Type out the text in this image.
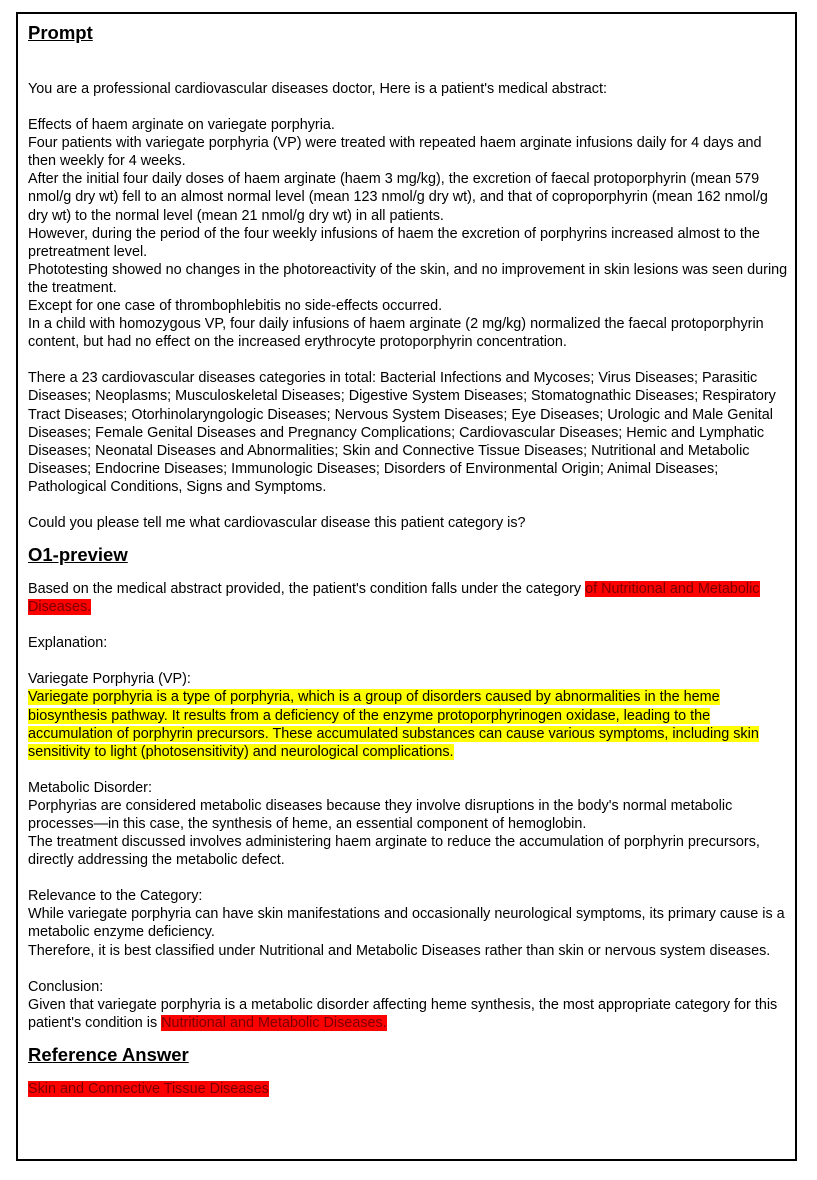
Prompt

You are a professional cardiovascular diseases doctor, Here is a patient's medical abstract:

Effects of haem arginate on variegate porphyria.

Four patients with variegate porphyria (VP) were treated with repeated haem arginate infusions daily for 4 days and then weekly for 4 weeks.

After the initial four daily doses of haem arginate (haem 3 mg/kg), the excretion of faecal protoporphyrin (mean 579 nmol/g dry wt) fell to an almost normal level (mean 123 nmol/g dry wt), and that of coproporphyrin (mean 162 nmol/g dry wt) to the normal level (mean 21 nmol/g dry wt) in all patients.

However, during the period of the four weekly infusions of haem the excretion of porphyrins increased almost to the pretreatment level.

Phototesting showed no changes in the photoreactivity of the skin, and no improvement in skin lesions was seen during the treatment.

Except for one case of thrombophlebitis no side-effects occurred.

In a child with homozygous VP, four daily infusions of haem arginate (2 mg/kg) normalized the faecal protoporphyrin content, but had no effect on the increased erythrocyte protoporphyrin concentration.

There a 23 cardiovascular diseases categories in total: Bacterial Infections and Mycoses; Virus Diseases; Parasitic Diseases; Neoplasms; Musculoskeletal Diseases; Digestive System Diseases; Stomatognathic Diseases; Respiratory Tract Diseases; Otorhinolaryngologic Diseases; Nervous System Diseases; Eye Diseases; Urologic and Male Genital Diseases; Female Genital Diseases and Pregnancy Complications; Cardiovascular Diseases; Hemic and Lymphatic Diseases; Neonatal Diseases and Abnormalities; Skin and Connective Tissue Diseases; Nutritional and Metabolic Diseases; Endocrine Diseases; Immunologic Diseases; Disorders of Environmental Origin; Animal Diseases; Pathological Conditions, Signs and Symptoms.

Could you please tell me what cardiovascular disease this patient category is?

O1-preview

Based on the medical abstract provided, the patient's condition falls under the category of Nutritional and Metabolic Diseases.

Explanation:

Variegate Porphyria (VP):

Variegate porphyria is a type of porphyria, which is a group of disorders caused by abnormalities in the heme biosynthesis pathway. It results from a deficiency of the enzyme protoporphyrinogen oxidase, leading to the accumulation of porphyrin precursors. These accumulated substances can cause various symptoms, including skin sensitivity to light (photosensitivity) and neurological complications.

Metabolic Disorder:

Porphyrias are considered metabolic diseases because they involve disruptions in the body's normal metabolic processes—in this case, the synthesis of heme, an essential component of hemoglobin.

The treatment discussed involves administering haem arginate to reduce the accumulation of porphyrin precursors, directly addressing the metabolic defect.

Relevance to the Category:

While variegate porphyria can have skin manifestations and occasionally neurological symptoms, its primary cause is a metabolic enzyme deficiency.

Therefore, it is best classified under Nutritional and Metabolic Diseases rather than skin or nervous system diseases.

Conclusion:

Given that variegate porphyria is a metabolic disorder affecting heme synthesis, the most appropriate category for this patient's condition is Nutritional and Metabolic Diseases.

Reference Answer

Skin and Connective Tissue Diseases
